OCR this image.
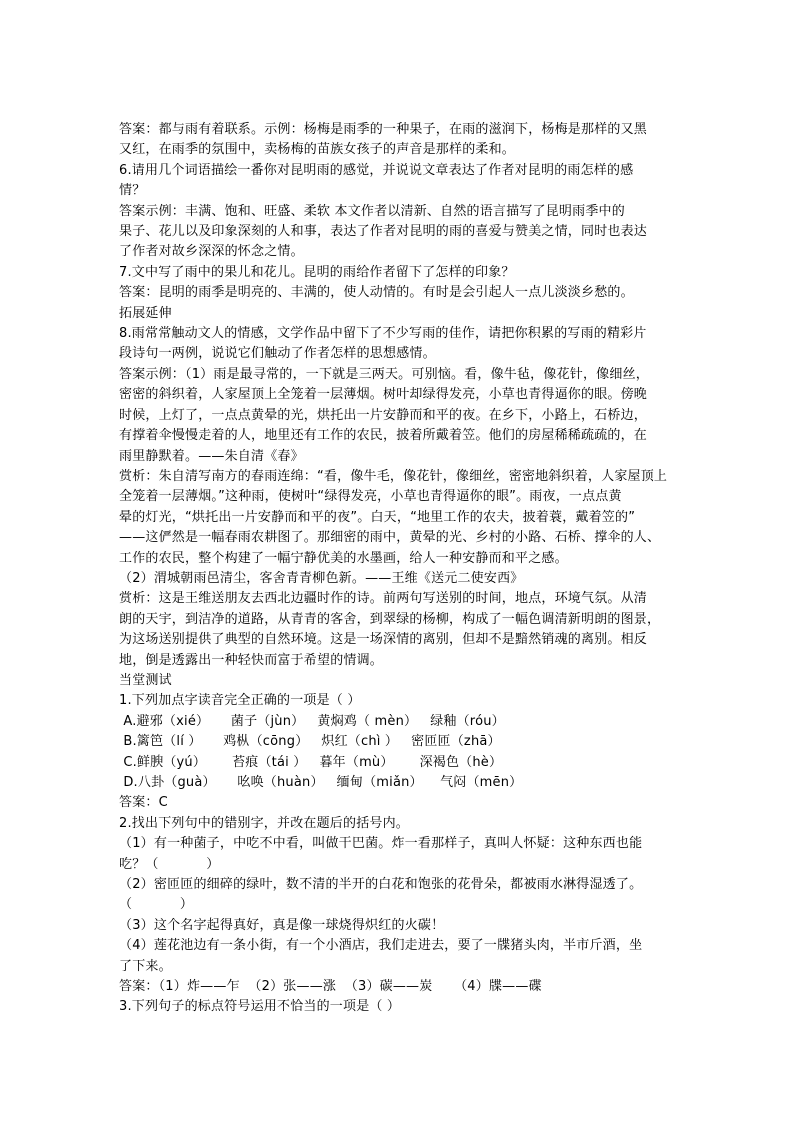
答案：都与雨有着联系。示例：杨梅是雨季的一种果子，在雨的滋润下，杨梅是那样的又黑
又红，在雨季的氛围中，卖杨梅的苗族女孩子的声音是那样的柔和。
6.请用几个词语描绘一番你对昆明雨的感觉，并说说文章表达了作者对昆明的雨怎样的感
情？
答案示例：丰满、饱和、旺盛、柔软 本文作者以清新、自然的语言描写了昆明雨季中的
果子、花儿以及印象深刻的人和事，表达了作者对昆明的雨的喜爱与赞美之情，同时也表达
了作者对故乡深深的怀念之情。
7.文中写了雨中的果儿和花儿。昆明的雨给作者留下了怎样的印象？
答案：昆明的雨季是明亮的、丰满的，使人动情的。有时是会引起人一点儿淡淡乡愁的。
拓展延伸
8.雨常常触动文人的情感，文学作品中留下了不少写雨的佳作，请把你积累的写雨的精彩片
段诗句一两例，说说它们触动了作者怎样的思想感情。
答案示例：（1）雨是最寻常的，一下就是三两天。可别恼。看，像牛毡，像花针，像细丝，
密密的斜织着，人家屋顶上全笼着一层薄烟。树叶却绿得发亮，小草也青得逼你的眼。傍晚
时候，上灯了，一点点黄晕的光，烘托出一片安静而和平的夜。在乡下，小路上，石桥边，
有撑着伞慢慢走着的人，地里还有工作的农民，披着所戴着笠。他们的房屋稀稀疏疏的，在
雨里静默着。——朱自清《春》
赏析：朱自清写南方的春雨连绵：“看，像牛毛，像花针，像细丝，密密地斜织着，人家屋顶上
全笼着一层薄烟。”这种雨，使树叶“绿得发亮，小草也青得逼你的眼”。雨夜，一点点黄
晕的灯光，“烘托出一片安静而和平的夜”。白天，“地里工作的农夫，披着蓑，戴着笠的”
——这俨然是一幅春雨农耕图了。那细密的雨中，黄晕的光、乡村的小路、石桥、撑伞的人、
工作的农民，整个构建了一幅宁静优美的水墨画，给人一种安静而和平之感。
（2）渭城朝雨邑清尘，客舍青青柳色新。——王维《送元二使安西》
赏析：这是王维送朋友去西北边疆时作的诗。前两句写送别的时间，地点，环境气氛。从清
朗的天宇，到洁净的道路，从青青的客舍，到翠绿的杨柳，构成了一幅色调清新明朗的图景，
为这场送别提供了典型的自然环境。这是一场深情的离别，但却不是黯然销魂的离别。相反
地，倒是透露出一种轻快而富于希望的情调。
当堂测试
1.下列加点字读音完全正确的一项是（ ）
A.避邪（xié）     菌子（jùn）   黄焖鸡（ mèn）   绿釉（róu）
B.篱笆（lí ）     鸡枞（cōng）   炽红（chì ）   密匝匝（zhā）
C.鲜腴（yú）      苔痕（tái ）   暮年（mù）      深褐色（hè）
D.八卦（guà）     吆唤（huàn）   缅甸（miǎn）    气闷（mēn）
答案：C
2.找出下列句中的错别字，并改在题后的括号内。
（1）有一种菌子，中吃不中看，叫做干巴菌。炸一看那样子，真叫人怀疑：这种东西也能
吃？（           ）
（2）密匝匝的细碎的绿叶，数不清的半开的白花和饱张的花骨朵，都被雨水淋得湿透了。
（           ）
（3）这个名字起得真好，真是像一球烧得炽红的火碳！
（4）莲花池边有一条小街，有一个小酒店，我们走进去，要了一牒猪头肉，半市斤酒，坐
了下来。
答案：（1）炸——乍  （2）张——涨  （3）碳——炭     （4）牒——碟
3.下列句子的标点符号运用不恰当的一项是（ ）
